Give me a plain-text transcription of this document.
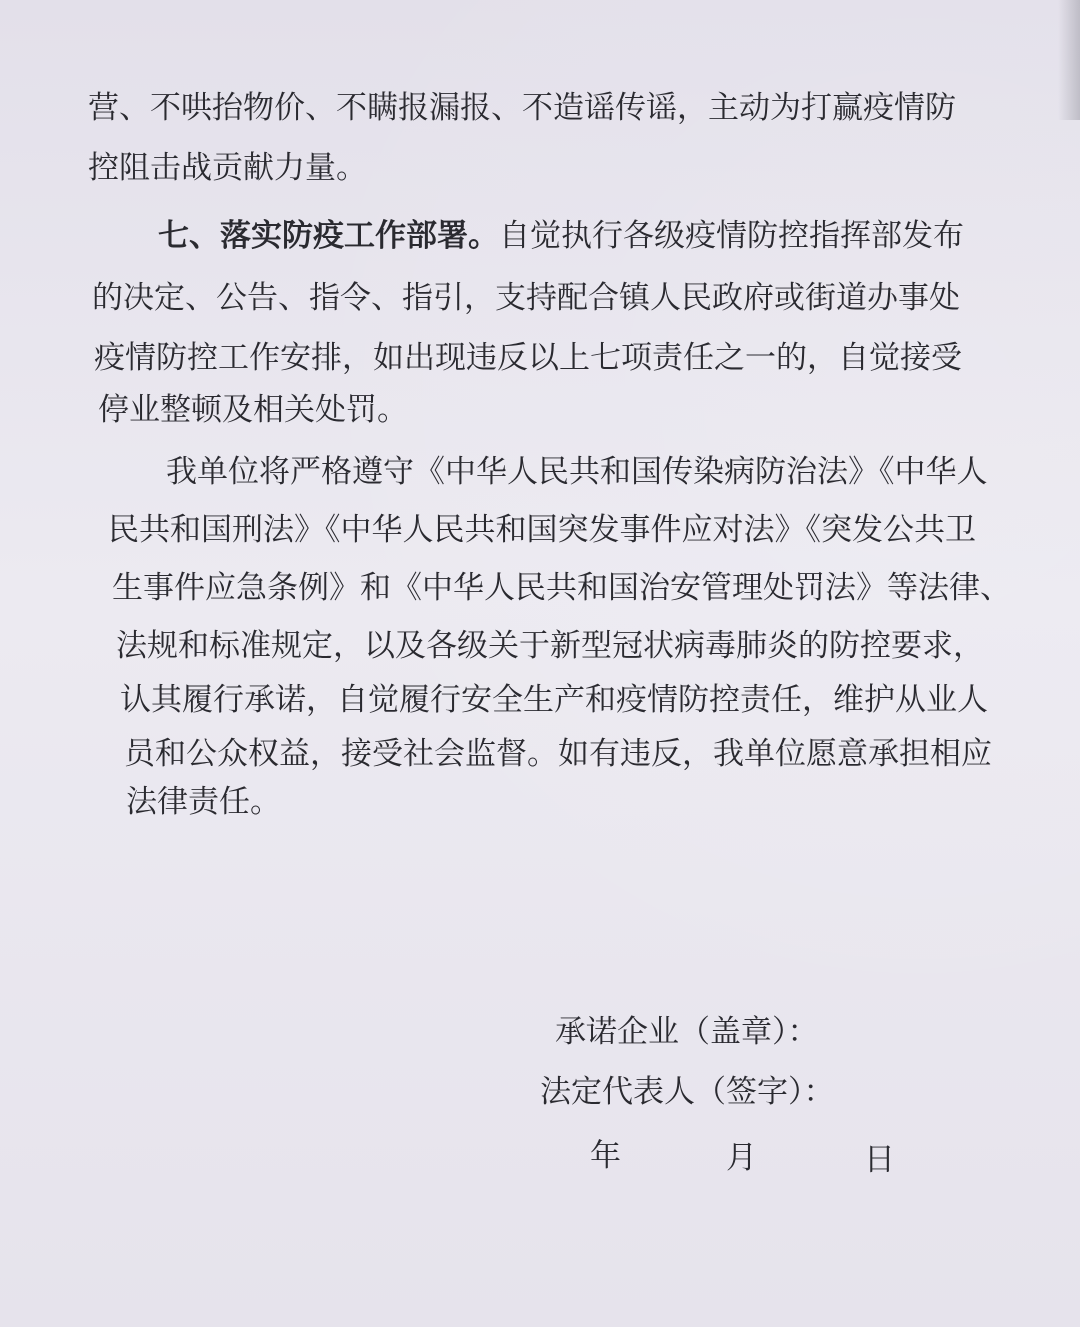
营、不哄抬物价、不瞒报漏报、不造谣传谣，主动为打赢疫情防
控阻击战贡献力量。
七、落实防疫工作部署。自觉执行各级疫情防控指挥部发布
的决定、公告、指令、指引，支持配合镇人民政府或街道办事处
疫情防控工作安排，如出现违反以上七项责任之一的，自觉接受
停业整顿及相关处罚。
我单位将严格遵守《中华人民共和国传染病防治法》《中华人
民共和国刑法》《中华人民共和国突发事件应对法》《突发公共卫
生事件应急条例》和《中华人民共和国治安管理处罚法》等法律、
法规和标准规定，以及各级关于新型冠状病毒肺炎的防控要求，
认其履行承诺，自觉履行安全生产和疫情防控责任，维护从业人
员和公众权益，接受社会监督。如有违反，我单位愿意承担相应
法律责任。
承诺企业（盖章）：
法定代表人（签字）：
年	月	日
